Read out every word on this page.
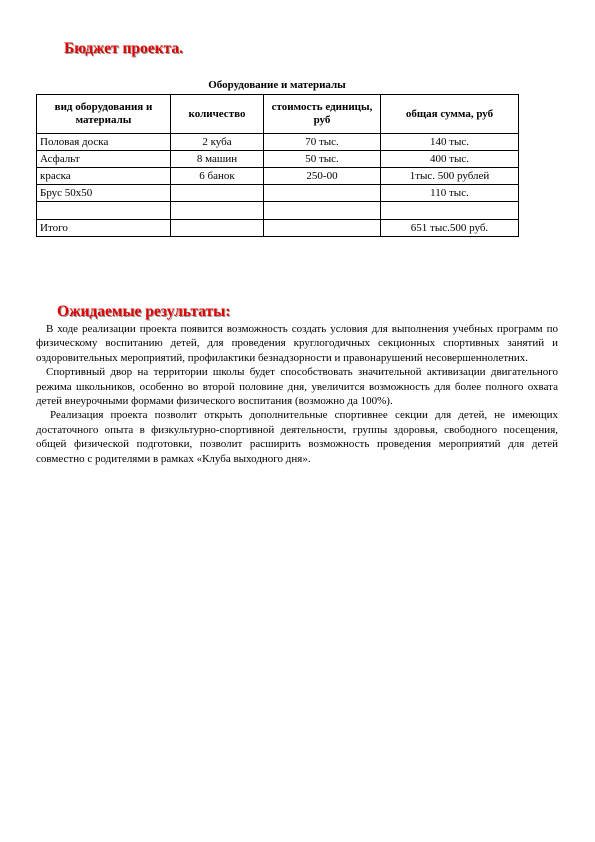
Бюджет проекта.
Оборудование и материалы
вид оборудования и материалы	количество	стоимость единицы, руб	общая сумма, руб
Половая доска	2 куба	70 тыс.	140 тыс.
Асфальт	8 машин	50 тыс.	400 тыс.
краска	6 банок	250-00	1тыс. 500 рублей
Брус 50х50			110 тыс.

Итого			651 тыс.500 руб.
Ожидаемые результаты:

В ходе реализации проекта появится возможность создать условия для выполнения учебных программ по физическому воспитанию детей, для проведения круглогодичных секционных спортивных занятий и оздоровительных мероприятий, профилактики безнадзорности и правонарушений несовершеннолетних.

Спортивный двор на территории школы будет способствовать значительной активизации двигательного режима школьников, особенно во второй половине дня, увеличится возможность для более полного охвата детей внеурочными формами физического воспитания (возможно да 100%).

Реализация проекта позволит открыть дополнительные спортивнее секции для детей, не имеющих достаточного опыта в физкультурно-спортивной деятельности, группы здоровья, свободного посещения, общей физической подготовки, позволит расширить возможность проведения мероприятий для детей совместно с родителями в рамках «Клуба выходного дня».
